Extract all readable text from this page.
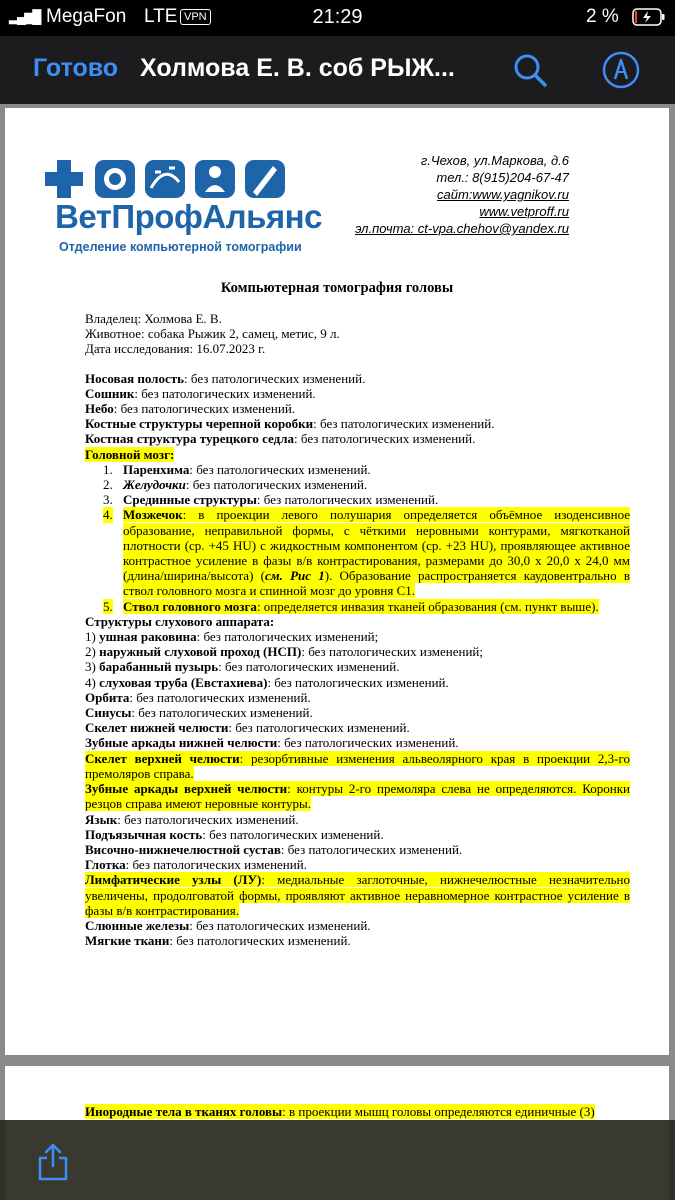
▂▄▆█ MegaFon LTE VPN	21:29	2 %
Готово Холмова Е. В. соб РЫЖ...
ВетПрофАльянс
Отделение компьютерной томографии
г.Чехов, ул.Маркова, д.6
тел.: 8(915)204-67-47
сайт:www.yagnikov.ru
www.vetproff.ru
эл.почта: ct-vpa.chehov@yandex.ru
Компьютерная томография головы

Владелец: Холмова Е. В.

Животное: собака Рыжик 2, самец, метис, 9 л.

Дата исследования: 16.07.2023 г.

Носовая полость: без патологических изменений.

Сошник: без патологических изменений.

Небо: без патологических изменений.

Костные структуры черепной коробки: без патологических изменений.

Костная структура турецкого седла: без патологических изменений.

Головной мозг:

1. Паренхима: без патологических изменений.

2. Желудочки: без патологических изменений.

3. Срединные структуры: без патологических изменений.

4. Мозжечок: в проекции левого полушария определяется объёмное изоденсивное образование, неправильной формы, с чёткими неровными контурами, мягкотканой плотности (ср. +45 HU) с жидкостным компонентом (ср. +23 HU), проявляющее активное контрастное усиление в фазы в/в контрастирования, размерами до 30,0 х 20,0 х 24,0 мм (длина/ширина/высота) (см. Рис 1). Образование распространяется каудовентрально в ствол головного мозга и спинной мозг до уровня С1.

5. Ствол головного мозга: определяется инвазия тканей образования (см. пункт выше).

Структуры слухового аппарата:

1) ушная раковина: без патологических изменений;

2) наружный слуховой проход (НСП): без патологических изменений;

3) барабанный пузырь: без патологических изменений.

4) слуховая труба (Евстахиева): без патологических изменений.

Орбита: без патологических изменений.

Синусы: без патологических изменений.

Скелет нижней челюсти: без патологических изменений.

Зубные аркады нижней челюсти: без патологических изменений.

Скелет верхней челюсти: резорбтивные изменения альвеолярного края в проекции 2,3-го премоляров справа.

Зубные аркады верхней челюсти: контуры 2-го премоляра слева не определяются. Коронки резцов справа имеют неровные контуры.

Язык: без патологических изменений.

Подъязычная кость: без патологических изменений.

Височно-нижнечелюстной сустав: без патологических изменений.

Глотка: без патологических изменений.

Лимфатические узлы (ЛУ): медиальные заглоточные, нижнечелюстные незначительно увеличены, продолговатой формы, проявляют активное неравномерное контрастное усиление в фазы в/в контрастирования.

Слюнные железы: без патологических изменений.

Мягкие ткани: без патологических изменений.

Инородные тела в тканях головы: в проекции мышц головы определяются единичные (3)
